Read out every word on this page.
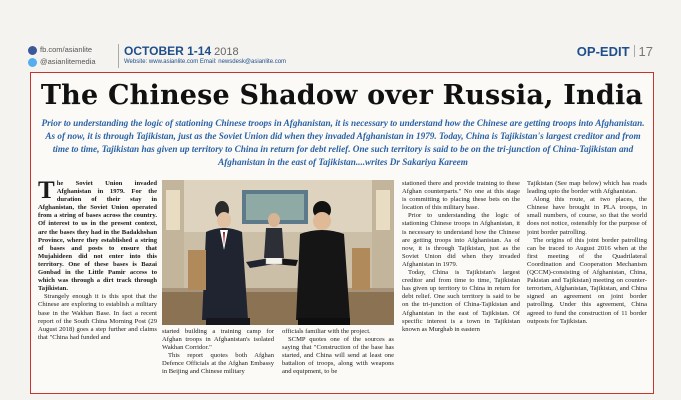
fb.com/asianlite
@asianlitemedia
OCTOBER 1-14 2018
Website: www.asianlite.com Email: newsdesk@asianlite.com
OP-EDIT 17
The Chinese Shadow over Russia, India
Prior to understanding the logic of stationing Chinese troops in Afghanistan, it is necessary to understand how the Chinese are getting troops into Afghanistan. As of now, it is through Tajikistan, just as the Soviet Union did when they invaded Afghanistan in 1979. Today, China is Tajikistan's largest creditor and from time to time, Tajikistan has given up territory to China in return for debt relief. One such territory is said to be on the tri-junction of China-Tajikistan and Afghanistan in the east of Tajikistan....writes Dr Sakariya Kareem

The Soviet Union invaded Afghanistan in 1979. For the duration of their stay in Afghanistan, the Soviet Union operated from a string of bases across the country. Of interest to us in the present context, are the bases they had in the Badakhshan Province, where they established a string of bases and posts to ensure that Mujahideen did not enter into this territory. One of these bases is Bazai Gonbad in the Little Pamir access to which was through a dirt track through Tajikistan.

Strangely enough it is this spot that the Chinese are exploring to establish a military base in the Wakhan Base. In fact a recent report of the South China Morning Post (29 August 2018) goes a step further and claims that "China had funded and

started building a training camp for Afghan troops in Afghanistan's isolated Wakhan Corridor."

This report quotes both Afghan Defence Officials at the Afghan Embassy in Beijing and Chinese military

officials familiar with the project.

SCMP quotes one of the sources as saying that "Construction of the base has started, and China will send at least one battalion of troops, along with weapons and equipment, to be

stationed there and provide training to these Afghan counterparts." No one at this stage is committing to placing these bets on the location of this military base.

Prior to understanding the logic of stationing Chinese troops in Afghanistan, it is necessary to understand how the Chinese are getting troops into Afghanistan. As of now, it is through Tajikistan, just as the Soviet Union did when they invaded Afghanistan in 1979.

Today, China is Tajikistan's largest creditor and from time to time, Tajikistan has given up territory to China in return for debt relief. One such territory is said to be on the tri-junction of China-Tajikistan and Afghanistan in the east of Tajikistan. Of specific interest is a town in Tajikistan known as Murghab in eastern

Tajikistan (See map below) which has roads leading upto the border with Afghanistan.

Along this route, at two places, the Chinese have brought in PLA troops, in small numbers, of course, so that the world does not notice, ostensibly for the purpose of joint border patrolling.

The origins of this joint border patrolling can be traced to August 2016 when at the first meeting of the Quadrilateral Coordination and Cooperation Mechanism (QCCM)-consisting of Afghanistan, China, Pakistan and Tajikistan) meeting on counter-terrorism, Afghanistan, Tajikistan, and China signed an agreement on joint border patrolling. Under this agreement, China agreed to fund the construction of 11 border outposts for Tajikistan.
